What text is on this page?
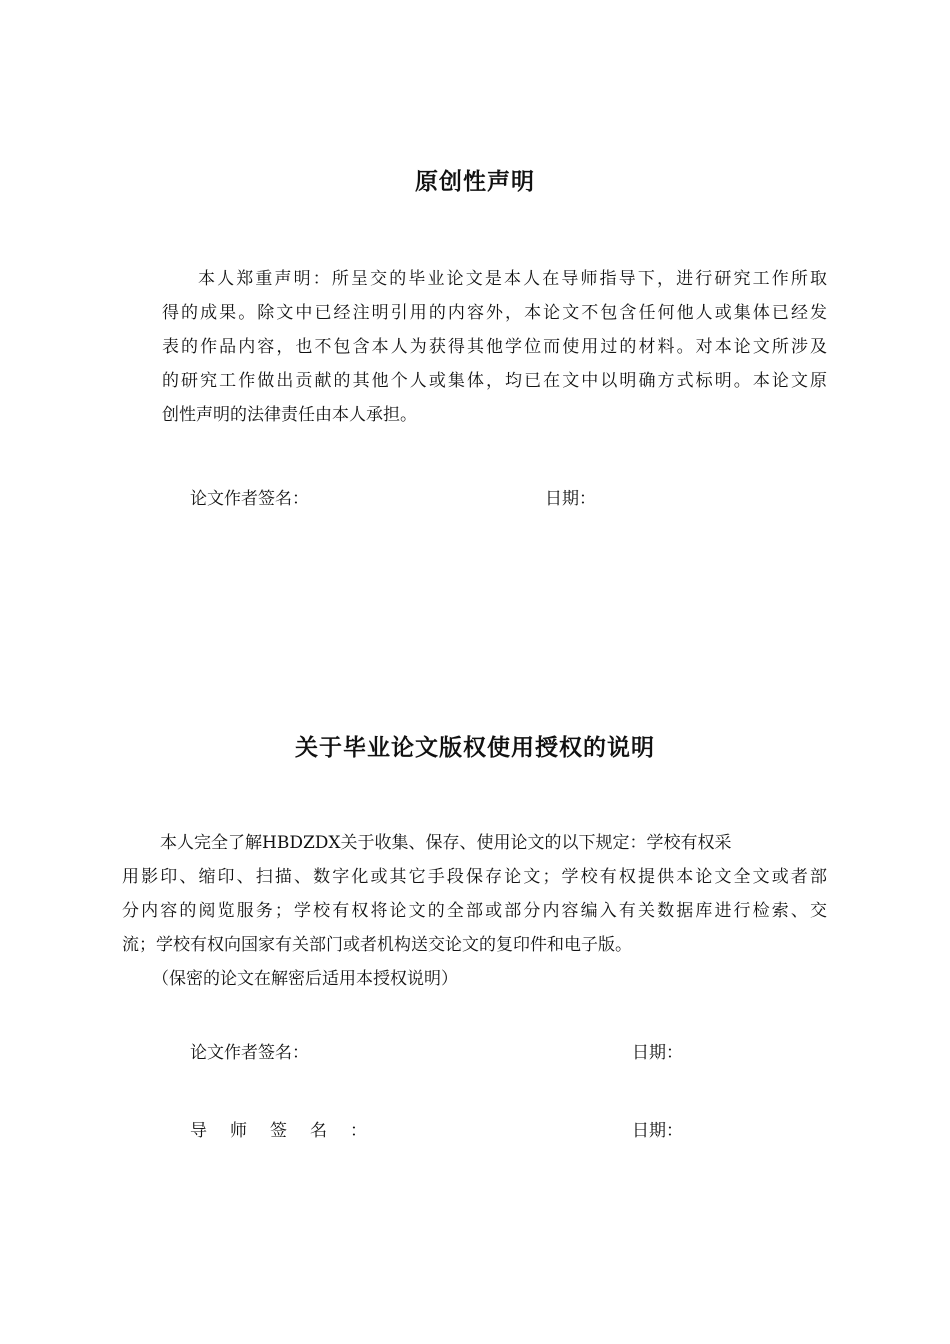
原创性声明
本人郑重声明：所呈交的毕业论文是本人在导师指导下，进行研究工作所取
得的成果。除文中已经注明引用的内容外，本论文不包含任何他人或集体已经发
表的作品内容，也不包含本人为获得其他学位而使用过的材料。对本论文所涉及
的研究工作做出贡献的其他个人或集体，均已在文中以明确方式标明。本论文原
创性声明的法律责任由本人承担。

论文作者签名：	日期：

关于毕业论文版权使用授权的说明
本人完全了解HBDZDX关于收集、保存、使用论文的以下规定：学校有权采
用影印、缩印、扫描、数字化或其它手段保存论文；学校有权提供本论文全文或者部
分内容的阅览服务；学校有权将论文的全部或部分内容编入有关数据库进行检索、交
流；学校有权向国家有关部门或者机构送交论文的复印件和电子版。
（保密的论文在解密后适用本授权说明）

论文作者签名：	日期：

导师签名：	日期：
